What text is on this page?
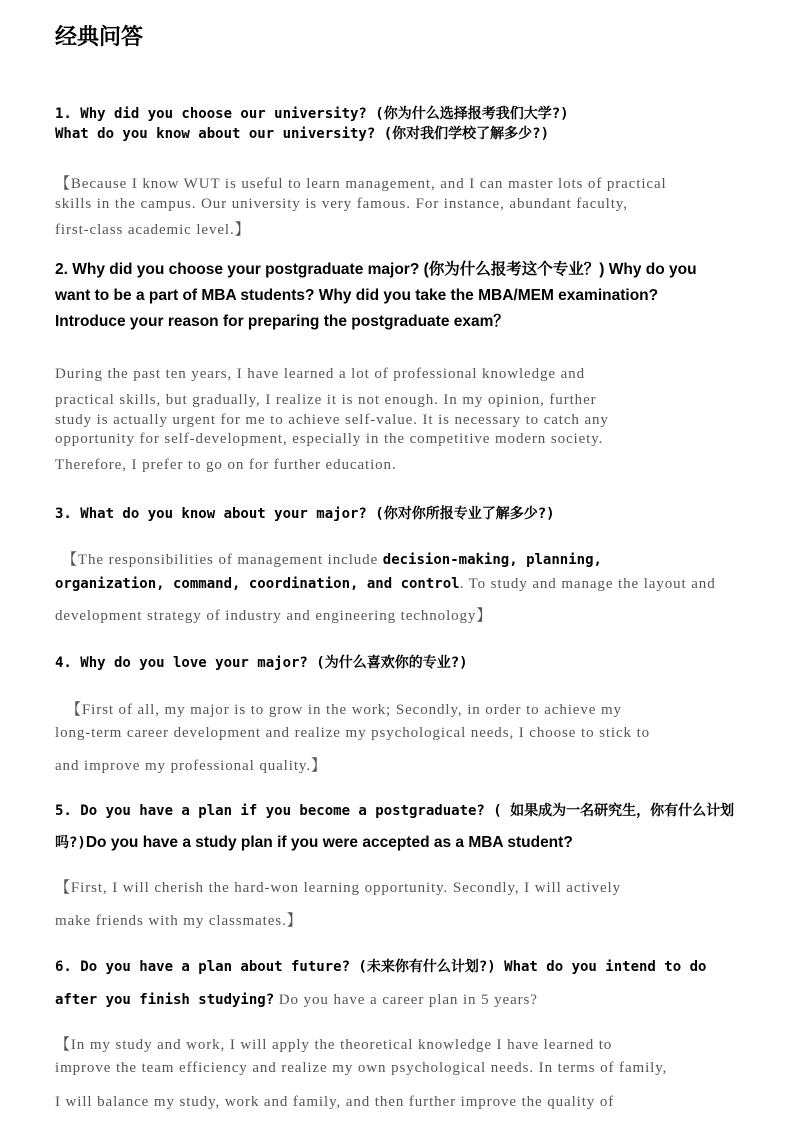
经典问答
1. Why did you choose our university? (你为什么选择报考我们大学?)
What do you know about our university? (你对我们学校了解多少?)
【Because I know WUT is useful to learn management, and I can master lots of practical
skills in the campus. Our university is very famous. For instance, abundant faculty,
first-class academic level.】
2. Why did you choose your postgraduate major? (你为什么报考这个专业？) Why do you
want to be a part of MBA students? Why did you take the MBA/MEM examination?
Introduce your reason for preparing the postgraduate exam？
During the past ten years, I have learned a lot of professional knowledge and
practical skills, but gradually, I realize it is not enough. In my opinion, further
study is actually urgent for me to achieve self-value. It is necessary to catch any
opportunity for self-development, especially in the competitive modern society.
Therefore, I prefer to go on for further education.
3. What do you know about your major? (你对你所报专业了解多少?)
【The responsibilities of management include decision-making, planning,
organization, command, coordination, and control. To study and manage the layout and
development strategy of industry and engineering technology】
4. Why do you love your major? (为什么喜欢你的专业?)
【First of all, my major is to grow in the work; Secondly, in order to achieve my
long-term career development and realize my psychological needs, I choose to stick to
and improve my professional quality.】
5. Do you have a plan if you become a postgraduate? ( 如果成为一名研究生，你有什么计划
吗?)Do you have a study plan if you were accepted as a MBA student?
【First, I will cherish the hard-won learning opportunity. Secondly, I will actively
make friends with my classmates.】
6. Do you have a plan about future? (未来你有什么计划?) What do you intend to do
after you finish studying? Do you have a career plan in 5 years?
【In my study and work, I will apply the theoretical knowledge I have learned to
improve the team efficiency and realize my own psychological needs. In terms of family,
I will balance my study, work and family, and then further improve the quality of
